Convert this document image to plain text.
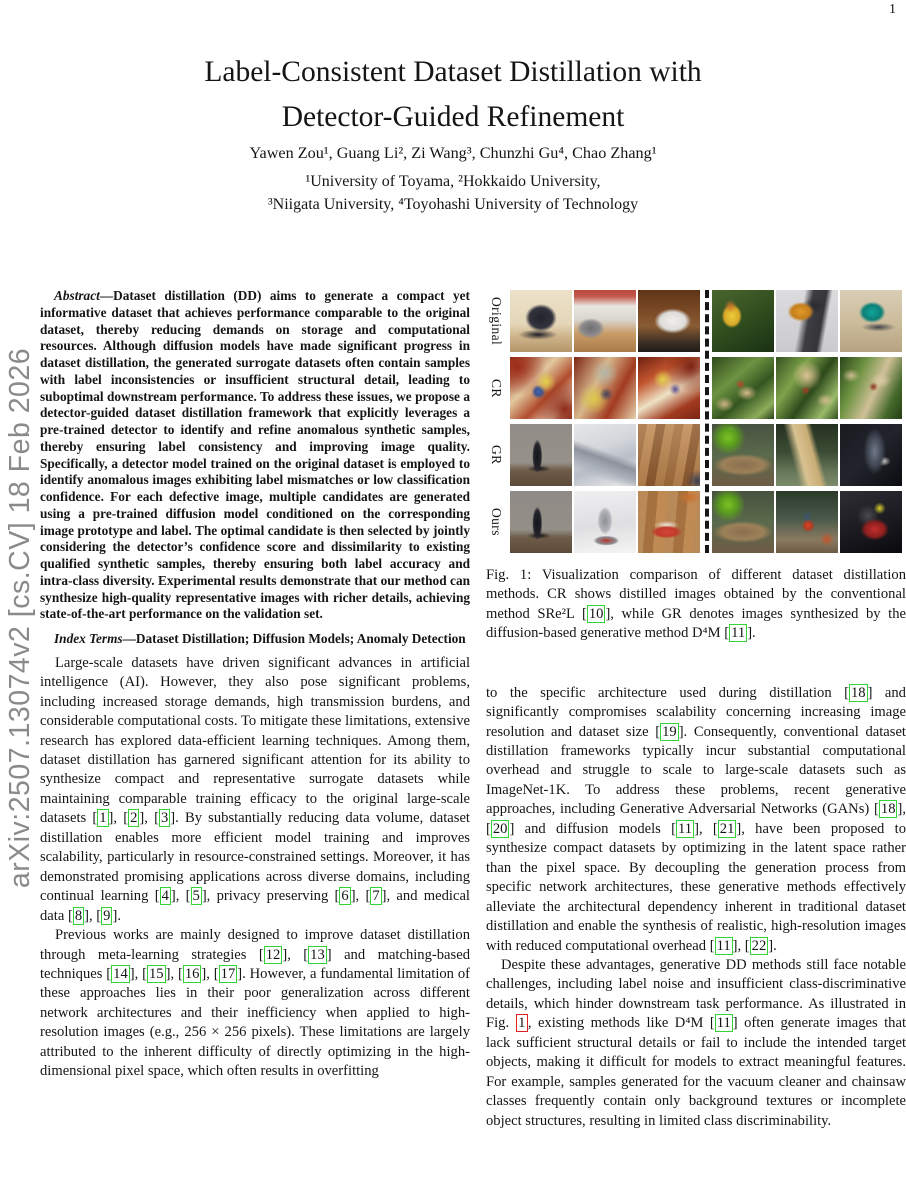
1
arXiv:2507.13074v2 [cs.CV] 18 Feb 2026
Label-Consistent Dataset Distillation with
Detector-Guided Refinement
Yawen Zou¹, Guang Li², Zi Wang³, Chunzhi Gu⁴, Chao Zhang¹
¹University of Toyama, ²Hokkaido University,
³Niigata University, ⁴Toyohashi University of Technology

Abstract—Dataset distillation (DD) aims to generate a compact yet informative dataset that achieves performance comparable to the original dataset, thereby reducing demands on storage and computational resources. Although diffusion models have made significant progress in dataset distillation, the generated surrogate datasets often contain samples with label inconsistencies or insufficient structural detail, leading to suboptimal downstream performance. To address these issues, we propose a detector-guided dataset distillation framework that explicitly leverages a pre-trained detector to identify and refine anomalous synthetic samples, thereby ensuring label consistency and improving image quality. Specifically, a detector model trained on the original dataset is employed to identify anomalous images exhibiting label mismatches or low classification confidence. For each defective image, multiple candidates are generated using a pre-trained diffusion model conditioned on the corresponding image prototype and label. The optimal candidate is then selected by jointly considering the detector’s confidence score and dissimilarity to existing qualified synthetic samples, thereby ensuring both label accuracy and intra-class diversity. Experimental results demonstrate that our method can synthesize high-quality representative images with richer details, achieving state-of-the-art performance on the validation set.

Index Terms—Dataset Distillation; Diffusion Models; Anomaly Detection

Large-scale datasets have driven significant advances in artificial intelligence (AI). However, they also pose significant problems, including increased storage demands, high transmission burdens, and considerable computational costs. To mitigate these limitations, extensive research has explored data-efficient learning techniques. Among them, dataset distillation has garnered significant attention for its ability to synthesize compact and representative surrogate datasets while maintaining comparable training efficacy to the original large-scale datasets [ 1 ], [ 2 ], [ 3 ]. By substantially reducing data volume, dataset distillation enables more efficient model training and improves scalability, particularly in resource-constrained settings. Moreover, it has demonstrated promising applications across diverse domains, including continual learning [ 4 ], [ 5 ], privacy preserving [ 6 ], [ 7 ], and medical data [ 8 ], [ 9 ].

Previous works are mainly designed to improve dataset distillation through meta-learning strategies [ 12 ], [ 13 ] and matching-based techniques [ 14 ], [ 15 ], [ 16 ], [ 17 ]. However, a fundamental limitation of these approaches lies in their poor generalization across different network architectures and their inefficiency when applied to high-resolution images (e.g., 256 × 256 pixels). These limitations are largely attributed to the inherent difficulty of directly optimizing in the high-dimensional pixel space, which often results in overfitting

Original
CR
GR
Ours

Fig. 1: Visualization comparison of different dataset distillation methods. CR shows distilled images obtained by the conventional method SRe²L [ 10 ], while GR denotes images synthesized by the diffusion-based generative method D⁴M [ 11 ].

to the specific architecture used during distillation [ 18 ] and significantly compromises scalability concerning increasing image resolution and dataset size [ 19 ]. Consequently, conventional dataset distillation frameworks typically incur substantial computational overhead and struggle to scale to large-scale datasets such as ImageNet-1K. To address these problems, recent generative approaches, including Generative Adversarial Networks (GANs) [ 18 ], [ 20 ] and diffusion models [ 11 ], [ 21 ], have been proposed to synthesize compact datasets by optimizing in the latent space rather than the pixel space. By decoupling the generation process from specific network architectures, these generative methods effectively alleviate the architectural dependency inherent in traditional dataset distillation and enable the synthesis of realistic, high-resolution images with reduced computational overhead [ 11 ], [ 22 ].

Despite these advantages, generative DD methods still face notable challenges, including label noise and insufficient class-discriminative details, which hinder downstream task performance. As illustrated in Fig. 1 , existing methods like D⁴M [ 11 ] often generate images that lack sufficient structural details or fail to include the intended target objects, making it difficult for models to extract meaningful features. For example, samples generated for the vacuum cleaner and chainsaw classes frequently contain only background textures or incomplete object structures, resulting in limited class discriminability.
